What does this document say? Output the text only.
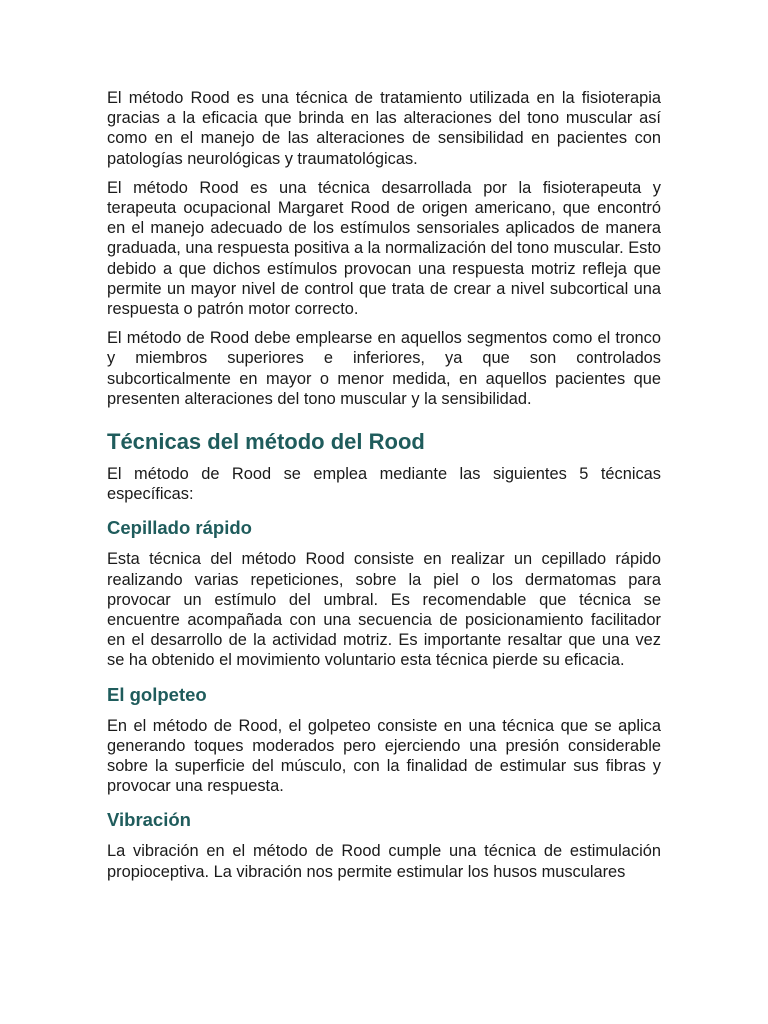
El método Rood es una técnica de tratamiento utilizada en la fisioterapia gracias a la eficacia que brinda en las alteraciones del tono muscular así como en el manejo de las alteraciones de sensibilidad en pacientes con patologías neurológicas y traumatológicas.

El método Rood es una técnica desarrollada por la fisioterapeuta y terapeuta ocupacional Margaret Rood de origen americano, que encontró en el manejo adecuado de los estímulos sensoriales aplicados de manera graduada, una respuesta positiva a la normalización del tono muscular. Esto debido a que dichos estímulos provocan una respuesta motriz refleja que permite un mayor nivel de control que trata de crear a nivel subcortical una respuesta o patrón motor correcto.

El método de Rood debe emplearse en aquellos segmentos como el tronco y miembros superiores e inferiores, ya que son controlados subcorticalmente en mayor o menor medida, en aquellos pacientes que presenten alteraciones del tono muscular y la sensibilidad.

Técnicas del método del Rood

El método de Rood se emplea mediante las siguientes 5 técnicas específicas:

Cepillado rápido

Esta técnica del método Rood consiste en realizar un cepillado rápido realizando varias repeticiones, sobre la piel o los dermatomas para provocar un estímulo del umbral. Es recomendable que técnica se encuentre acompañada con una secuencia de posicionamiento facilitador en el desarrollo de la actividad motriz. Es importante resaltar que una vez se ha obtenido el movimiento voluntario esta técnica pierde su eficacia.

El golpeteo

En el método de Rood, el golpeteo consiste en una técnica que se aplica generando toques moderados pero ejerciendo una presión considerable sobre la superficie del músculo, con la finalidad de estimular sus fibras y provocar una respuesta.

Vibración

La vibración en el método de Rood cumple una técnica de estimulación propioceptiva. La vibración nos permite estimular los husos musculares
